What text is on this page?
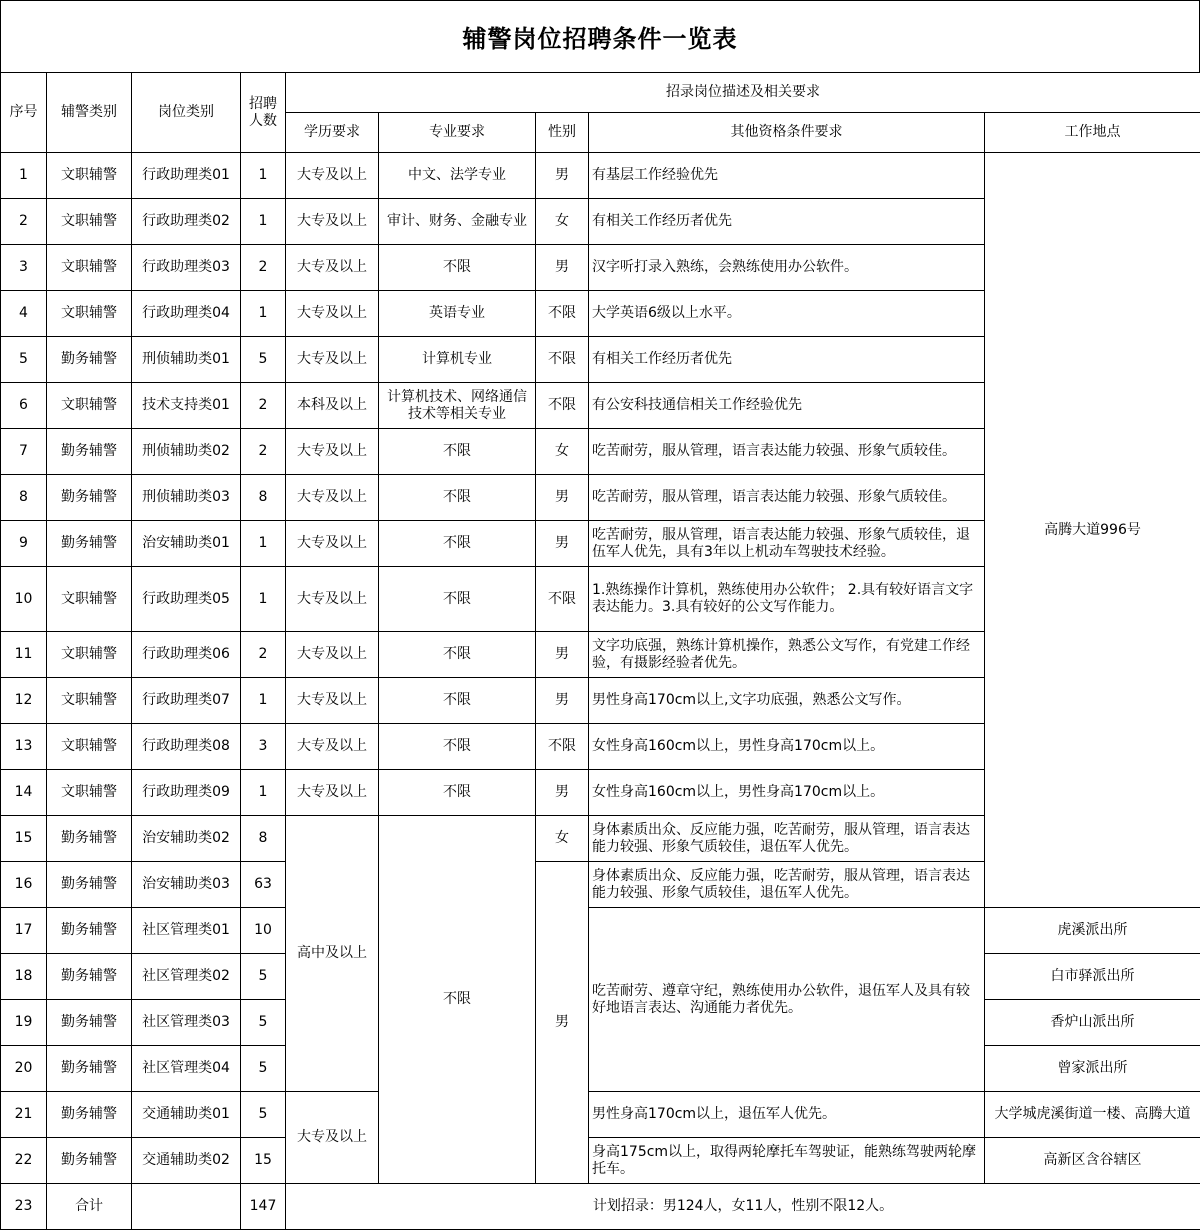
辅警岗位招聘条件一览表
序号	辅警类别	岗位类别	招聘人数	招录岗位描述及相关要求				
				学历要求	专业要求	性别	其他资格条件要求	工作地点
1	文职辅警	行政助理类01	1	大专及以上	中文、法学专业	男	有基层工作经验优先	高腾大道996号
2	文职辅警	行政助理类02	1	大专及以上	审计、财务、金融专业	女	有相关工作经历者优先	
3	文职辅警	行政助理类03	2	大专及以上	不限	男	汉字听打录入熟练，会熟练使用办公软件。	
4	文职辅警	行政助理类04	1	大专及以上	英语专业	不限	大学英语6级以上水平。	
5	勤务辅警	刑侦辅助类01	5	大专及以上	计算机专业	不限	有相关工作经历者优先	
6	文职辅警	技术支持类01	2	本科及以上	计算机技术、网络通信技术等相关专业	不限	有公安科技通信相关工作经验优先	
7	勤务辅警	刑侦辅助类02	2	大专及以上	不限	女	吃苦耐劳，服从管理，语言表达能力较强、形象气质较佳。	
8	勤务辅警	刑侦辅助类03	8	大专及以上	不限	男	吃苦耐劳，服从管理，语言表达能力较强、形象气质较佳。	
9	勤务辅警	治安辅助类01	1	大专及以上	不限	男	吃苦耐劳，服从管理，语言表达能力较强、形象气质较佳，退伍军人优先，具有3年以上机动车驾驶技术经验。	
10	文职辅警	行政助理类05	1	大专及以上	不限	不限	1.熟练操作计算机，熟练使用办公软件； 2.具有较好语言文字表达能力。3.具有较好的公文写作能力。	
11	文职辅警	行政助理类06	2	大专及以上	不限	男	文字功底强，熟练计算机操作，熟悉公文写作，有党建工作经验，有摄影经验者优先。	
12	文职辅警	行政助理类07	1	大专及以上	不限	男	男性身高170cm以上,文字功底强，熟悉公文写作。	
13	文职辅警	行政助理类08	3	大专及以上	不限	不限	女性身高160cm以上，男性身高170cm以上。	
14	文职辅警	行政助理类09	1	大专及以上	不限	男	女性身高160cm以上，男性身高170cm以上。	
15	勤务辅警	治安辅助类02	8	高中及以上	不限	女	身体素质出众、反应能力强，吃苦耐劳，服从管理，语言表达能力较强、形象气质较佳，退伍军人优先。	
16	勤务辅警	治安辅助类03	63			男	身体素质出众、反应能力强，吃苦耐劳，服从管理，语言表达能力较强、形象气质较佳，退伍军人优先。	
17	勤务辅警	社区管理类01	10				吃苦耐劳、遵章守纪，熟练使用办公软件，退伍军人及具有较好地语言表达、沟通能力者优先。	虎溪派出所
18	勤务辅警	社区管理类02	5					白市驿派出所
19	勤务辅警	社区管理类03	5					香炉山派出所
20	勤务辅警	社区管理类04	5					曾家派出所
21	勤务辅警	交通辅助类01	5	大专及以上			男性身高170cm以上，退伍军人优先。	大学城虎溪街道一楼、高腾大道
22	勤务辅警	交通辅助类02	15				身高175cm以上，取得两轮摩托车驾驶证，能熟练驾驶两轮摩托车。	高新区含谷辖区
23	合计		147	计划招录：男124人，女11人，性别不限12人。				
